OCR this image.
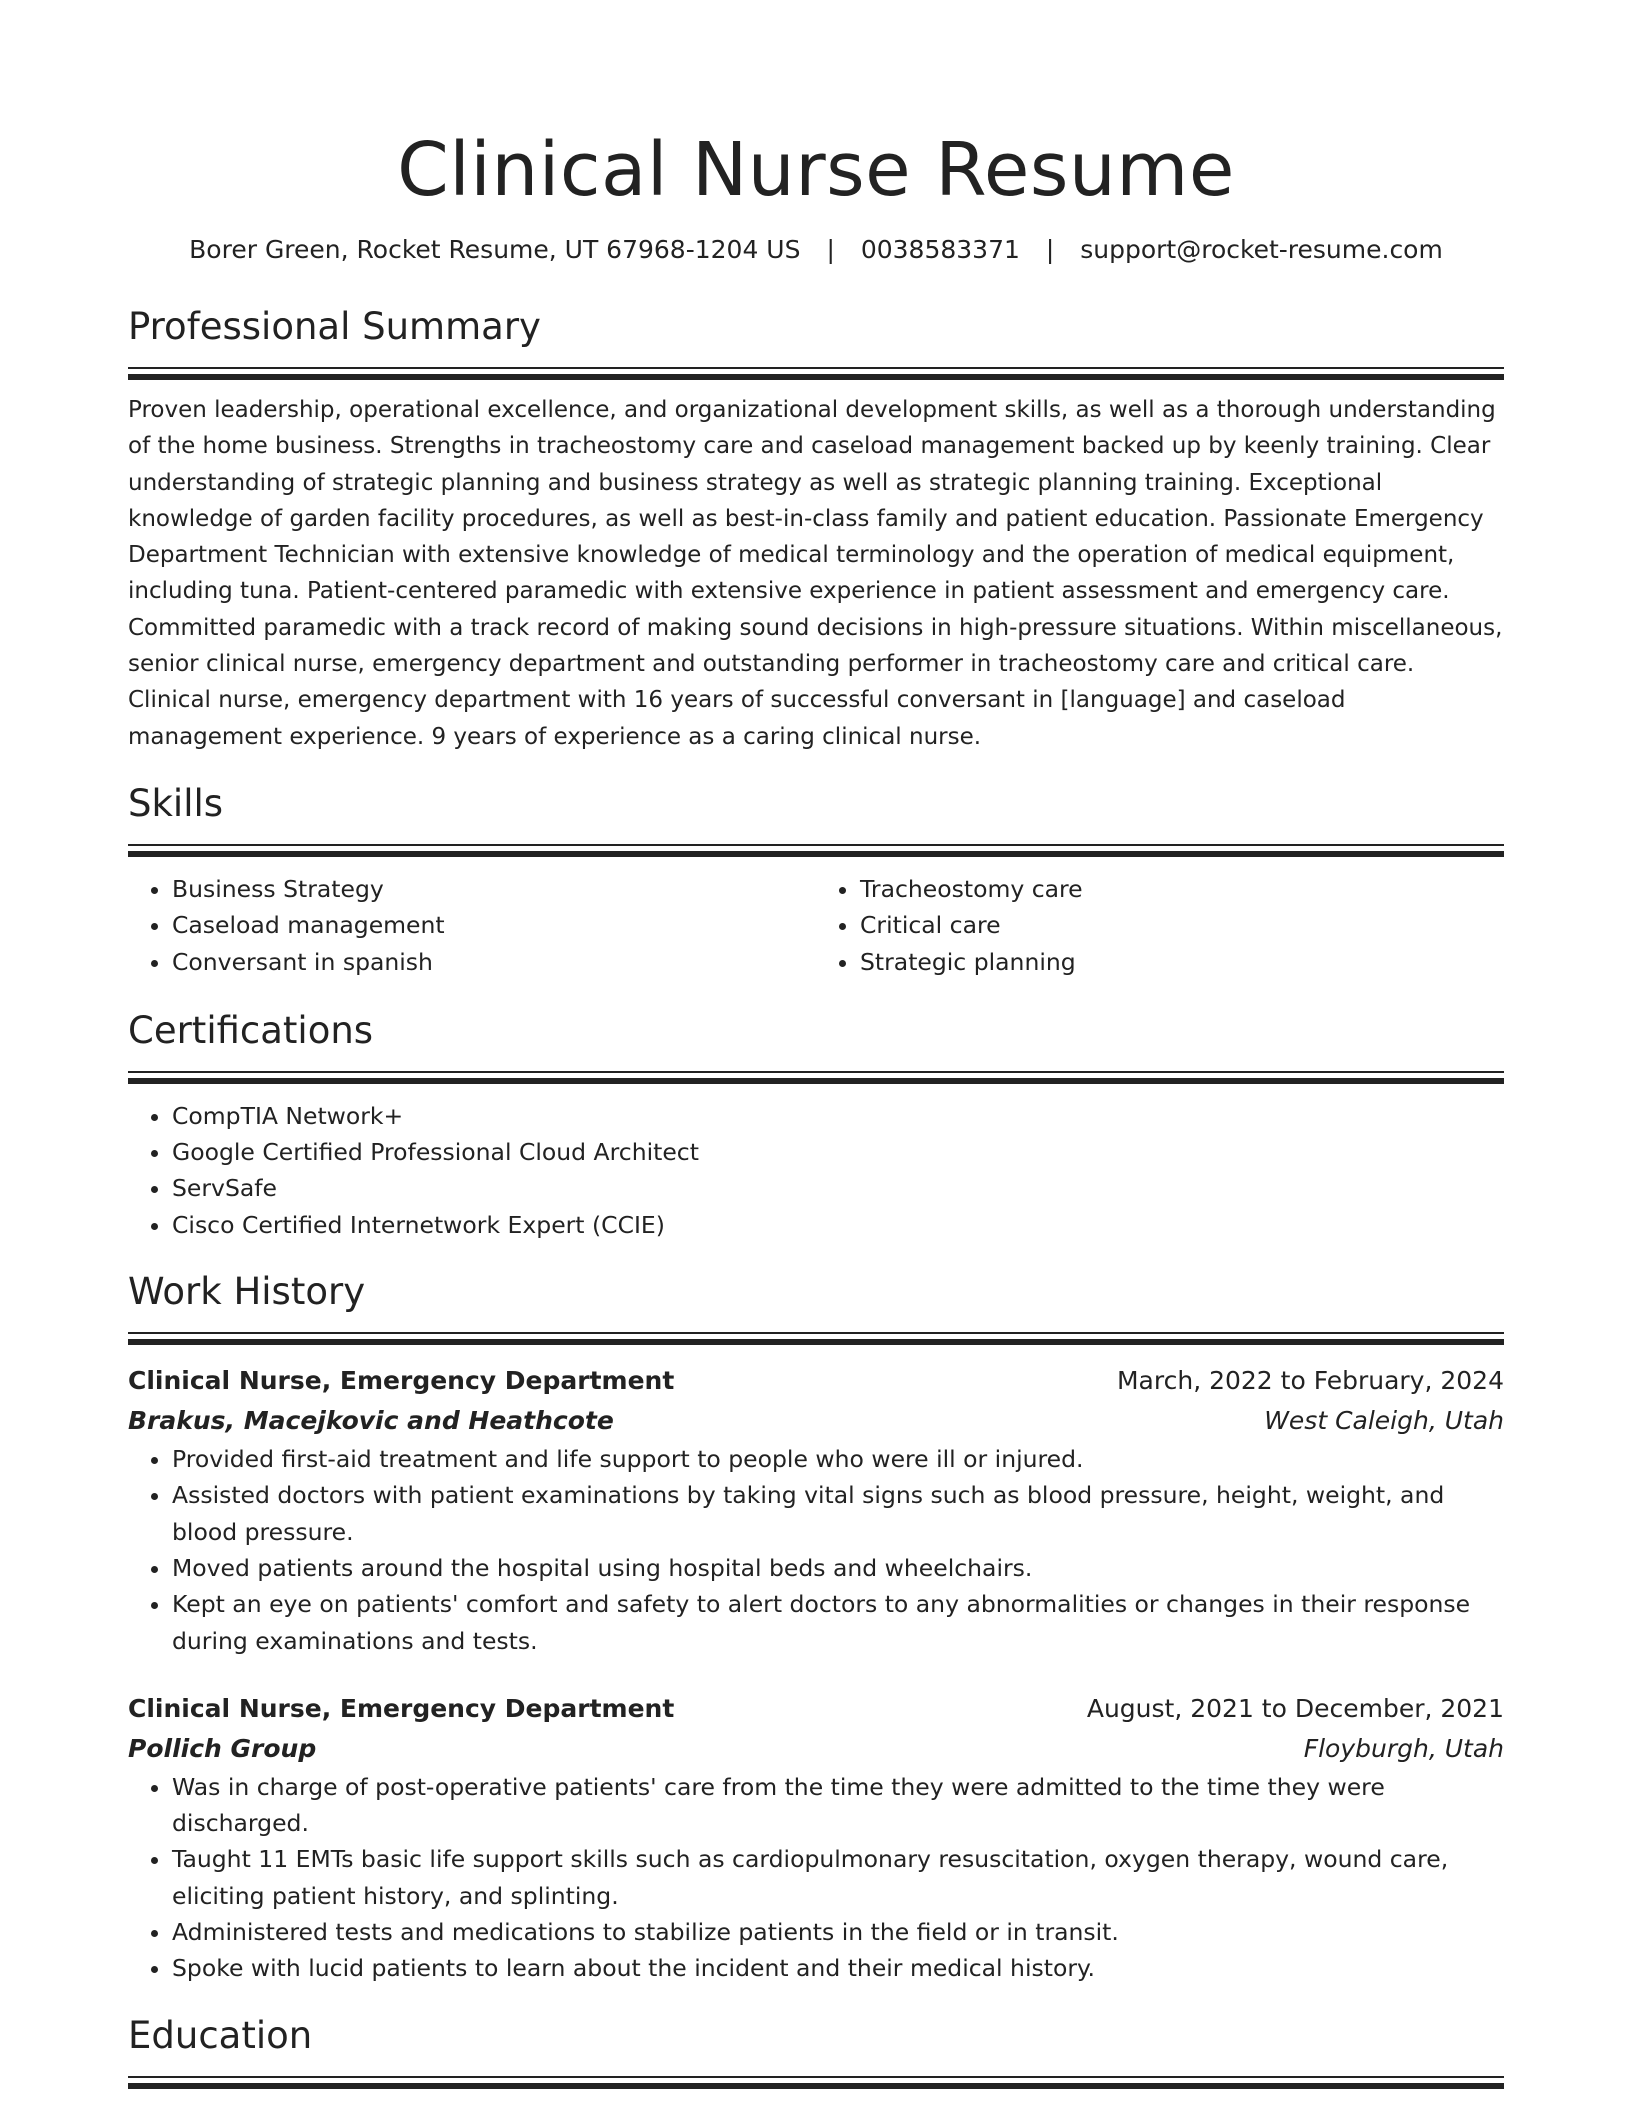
Clinical Nurse Resume
Borer Green, Rocket Resume, UT 67968-1204 US | 0038583371 | support@rocket-resume.com
Professional Summary

Proven leadership, operational excellence, and organizational development skills, as well as a thorough understanding of the home business. Strengths in tracheostomy care and caseload management backed up by keenly training. Clear understanding of strategic planning and business strategy as well as strategic planning training. Exceptional knowledge of garden facility procedures, as well as best-in-class family and patient education. Passionate Emergency Department Technician with extensive knowledge of medical terminology and the operation of medical equipment, including tuna. Patient-centered paramedic with extensive experience in patient assessment and emergency care. Committed paramedic with a track record of making sound decisions in high-pressure situations. Within miscellaneous, senior clinical nurse, emergency department and outstanding performer in tracheostomy care and critical care. Clinical nurse, emergency department with 16 years of successful conversant in [language] and caseload management experience. 9 years of experience as a caring clinical nurse.

Skills
• Business Strategy
• Caseload management
• Conversant in spanish
• Tracheostomy care
• Critical care
• Strategic planning
Certifications
• CompTIA Network+
• Google Certified Professional Cloud Architect
• ServSafe
• Cisco Certified Internetwork Expert (CCIE)
Work History
Clinical Nurse, Emergency Department	March, 2022 to February, 2024
Brakus, Macejkovic and Heathcote	West Caleigh, Utah
• Provided first-aid treatment and life support to people who were ill or injured.
• Assisted doctors with patient examinations by taking vital signs such as blood pressure, height, weight, and blood pressure.
• Moved patients around the hospital using hospital beds and wheelchairs.
• Kept an eye on patients' comfort and safety to alert doctors to any abnormalities or changes in their response during examinations and tests.
Clinical Nurse, Emergency Department	August, 2021 to December, 2021
Pollich Group	Floyburgh, Utah
• Was in charge of post-operative patients' care from the time they were admitted to the time they were discharged.
• Taught 11 EMTs basic life support skills such as cardiopulmonary resuscitation, oxygen therapy, wound care, eliciting patient history, and splinting.
• Administered tests and medications to stabilize patients in the field or in transit.
• Spoke with lucid patients to learn about the incident and their medical history.
Education
